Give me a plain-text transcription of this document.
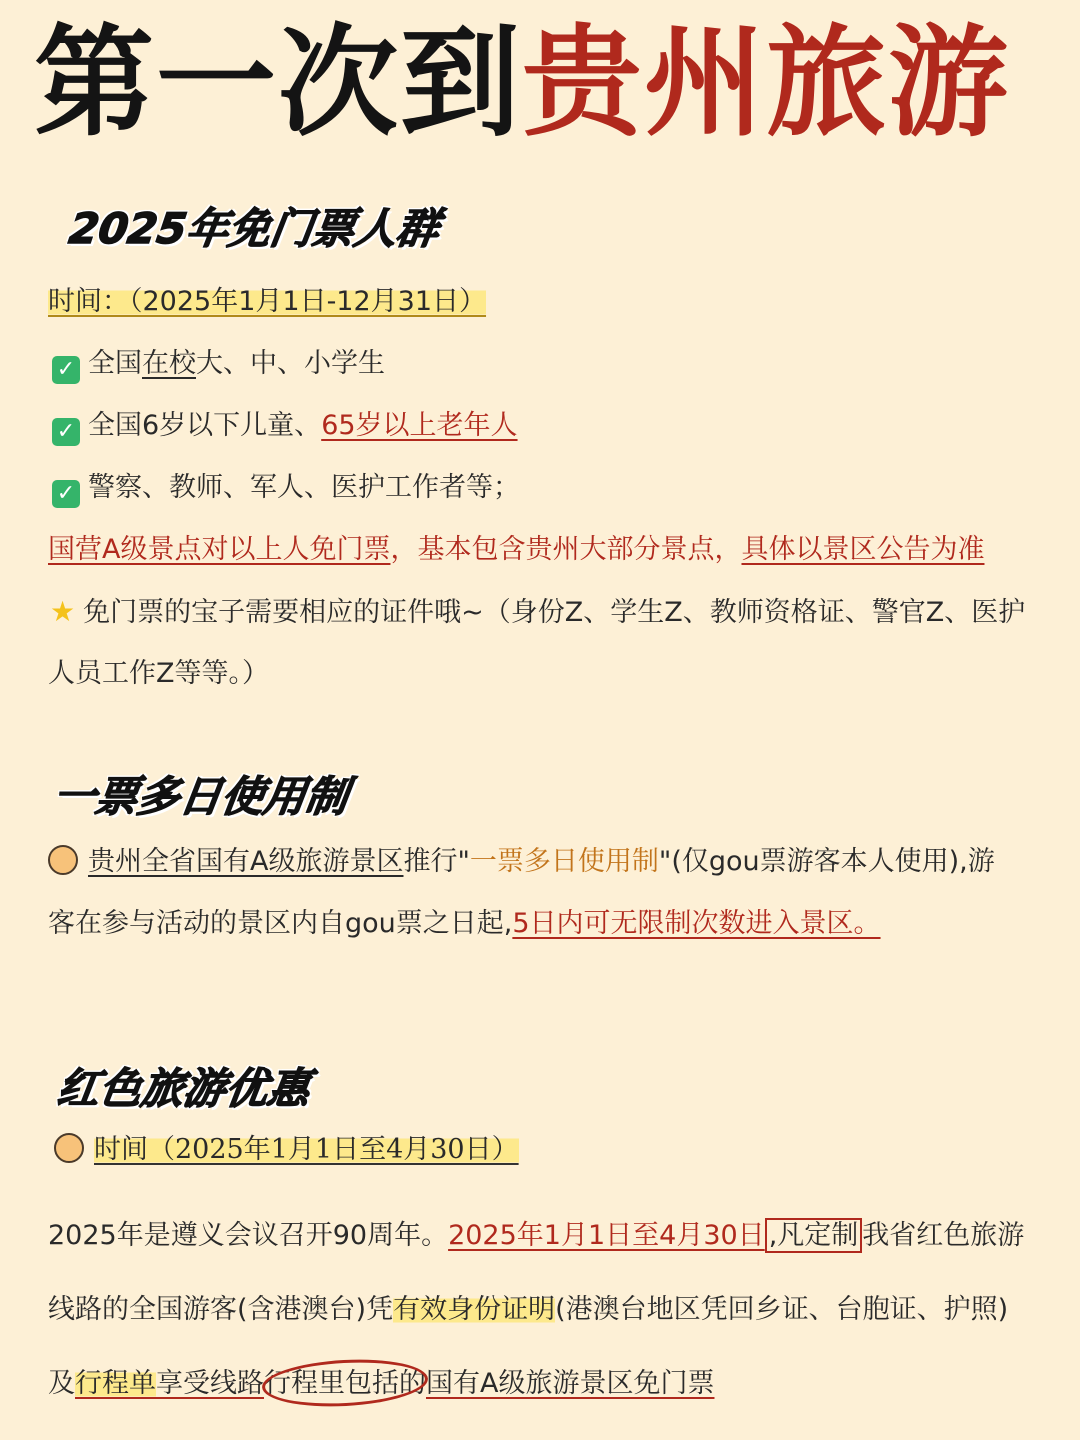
第一次到贵州旅游
2025年免门票人群
时间：（2025年1月1日-12月31日）
✓ 全国在校大、中、小学生
✓ 全国6岁以下儿童、65岁以上老年人
✓ 警察、教师、军人、医护工作者等；
国营A级景点对以上人免门票，基本包含贵州大部分景点，具体以景区公告为准
★ 免门票的宝子需要相应的证件哦~（身份Z、学生Z、教师资格证、警官Z、医护
人员工作Z等等。）
一票多日使用制
贵州全省国有A级旅游景区推行"一票多日使用制"(仅gou票游客本人使用),游
客在参与活动的景区内自gou票之日起,5日内可无限制次数进入景区。
红色旅游优惠
时间（2025年1月1日至4月30日）
2025年是遵义会议召开90周年。2025年1月1日至4月30日 ,凡定制 我省红色旅游
线路的全国游客(含港澳台)凭有效身份证明(港澳台地区凭回乡证、台胞证、护照)
及行程单享受线路行程里包括的国有A级旅游景区免门票
